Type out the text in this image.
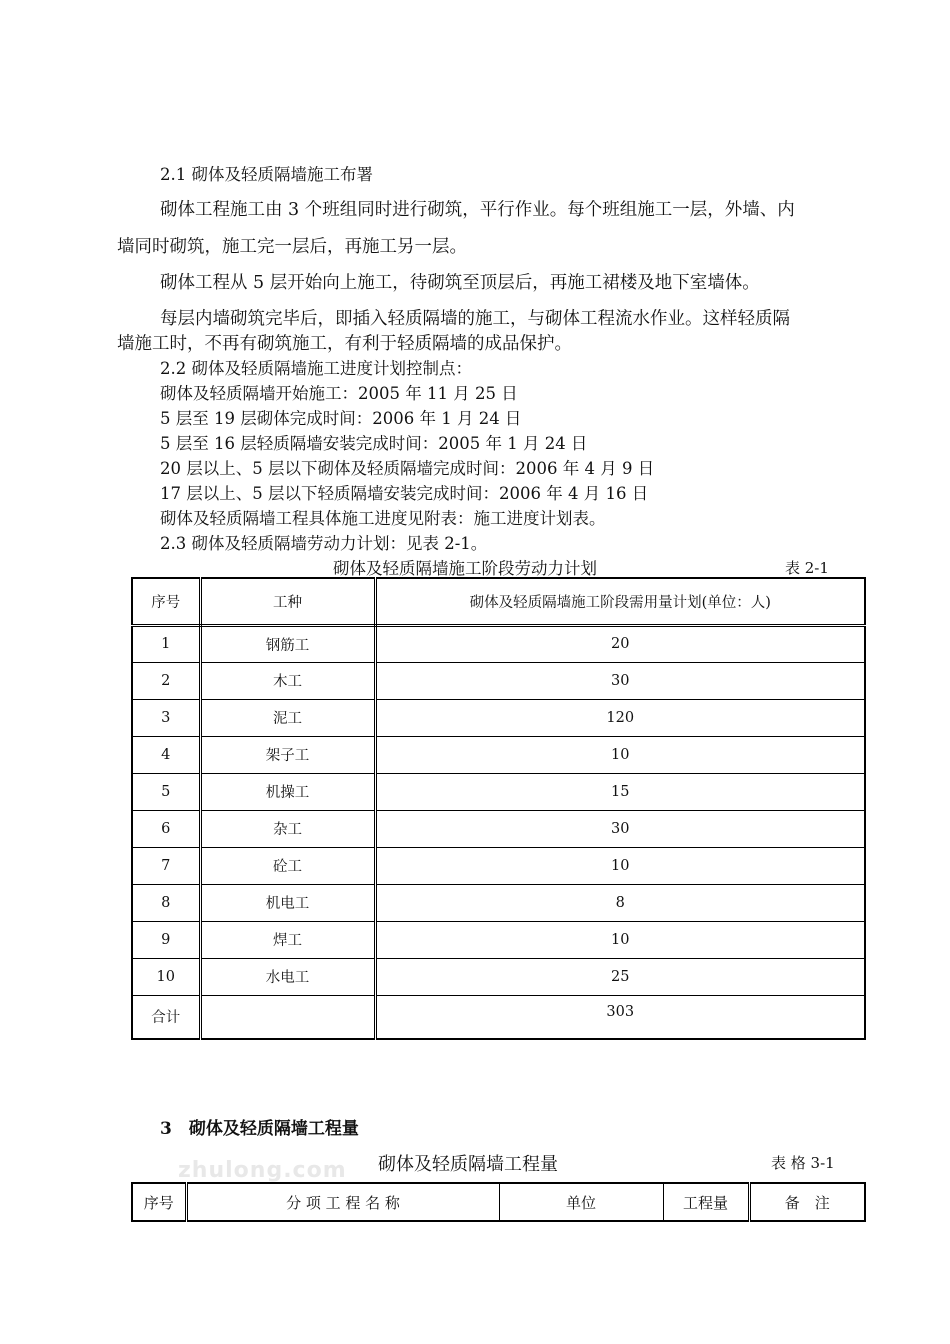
2.1 砌体及轻质隔墙施工布署
砌体工程施工由 3 个班组同时进行砌筑，平行作业。每个班组施工一层，外墙、内
墙同时砌筑，施工完一层后，再施工另一层。
砌体工程从 5 层开始向上施工，待砌筑至顶层后，再施工裙楼及地下室墙体。
每层内墙砌筑完毕后，即插入轻质隔墙的施工，与砌体工程流水作业。这样轻质隔
墙施工时，不再有砌筑施工，有利于轻质隔墙的成品保护。
2.2 砌体及轻质隔墙施工进度计划控制点：
砌体及轻质隔墙开始施工：2005 年 11 月 25 日
5 层至 19 层砌体完成时间：2006 年 1 月 24 日
5 层至 16 层轻质隔墙安装完成时间：2005 年 1 月 24 日
20 层以上、5 层以下砌体及轻质隔墙完成时间：2006 年 4 月 9 日
17 层以上、5 层以下轻质隔墙安装完成时间：2006 年 4 月 16 日
砌体及轻质隔墙工程具体施工进度见附表：施工进度计划表。
2.3 砌体及轻质隔墙劳动力计划：见表 2-1。
砌体及轻质隔墙施工阶段劳动力计划	表 2-1
序号	工种	砌体及轻质隔墙施工阶段需用量计划(单位：人)
1	钢筋工	20
2	木工	30
3	泥工	120
4	架子工	10
5	机操工	15
6	杂工	30
7	砼工	10
8	机电工	8
9	焊工	10
10	水电工	25
合计		303
3　砌体及轻质隔墙工程量
zhulong.com 砌体及轻质隔墙工程量	表 格 3-1
序号	分 项 工 程 名 称	单位	工程量	备　注
